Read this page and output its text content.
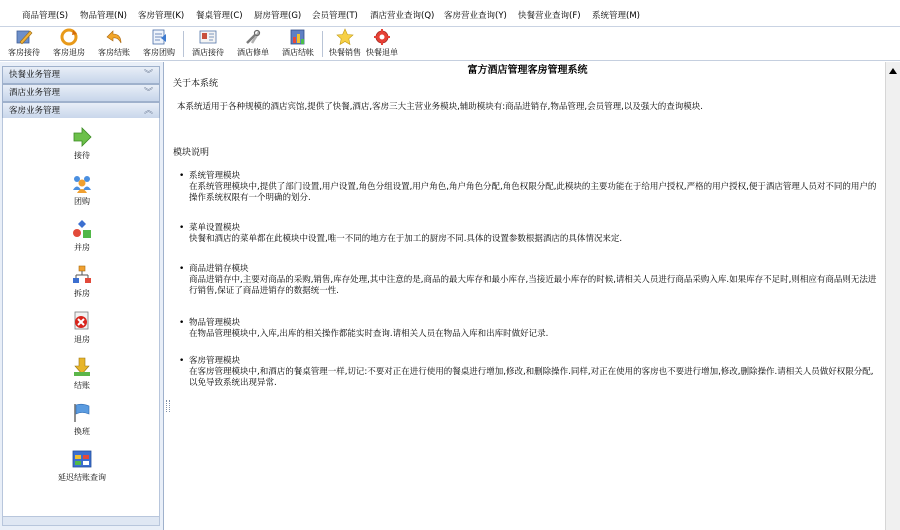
商品管理(S) 物品管理(N) 客房管理(K) 餐桌管理(C) 厨房管理(G) 会员管理(T) 酒店营业查询(Q) 客房营业查询(Y) 快餐营业查询(F) 系统管理(M)
客房接待	客房退房	客房结账	客房团购	酒店接待	酒店修单	酒店结帐	快餐销售 快餐退单
快餐业务管理	︾
酒店业务管理	︾
客房业务管理	︽
接待
团购
并房
拆房
退房
结账
换班
延迟结账查询
富方酒店管理客房管理系统
关于本系统
本系统适用于各种规模的酒店宾馆,提供了快餐,酒店,客房三大主营业务模块,辅助模块有:商品进销存,物品管理,会员管理,以及强大的查询模块.
模块说明
• 系统管理模块
在系统管理模块中,提供了部门设置,用户设置,角色分组设置,用户角色,角户角色分配,角色权限分配,此模块的主要功能在于给用户授权,严格的用户授权,便于酒店管理人员对不同的用户的操作系统权限有一个明确的划分.
• 菜单设置模块
快餐和酒店的菜单都在此模块中设置,唯一不同的地方在于加工的厨房不同.具体的设置参数根据酒店的具体情况来定.
• 商品进销存模块
商品进销存中,主要对商品的采购,销售,库存处理,其中注意的是,商品的最大库存和最小库存,当接近最小库存的时候,请相关人员进行商品采购入库.如果库存不足时,则相应有商品则无法进行销售,保证了商品进销存的数据统一性.
• 物品管理模块
在物品管理模块中,入库,出库的相关操作都能实时查询.请相关人员在物品入库和出库时做好记录.
• 客房管理模块
在客房管理模块中,和酒店的餐桌管理一样,切记:不要对正在进行使用的餐桌进行增加,修改,和删除操作.同样,对正在使用的客房也不要进行增加,修改,删除操作.请相关人员做好权限分配,以免导致系统出现异常.
